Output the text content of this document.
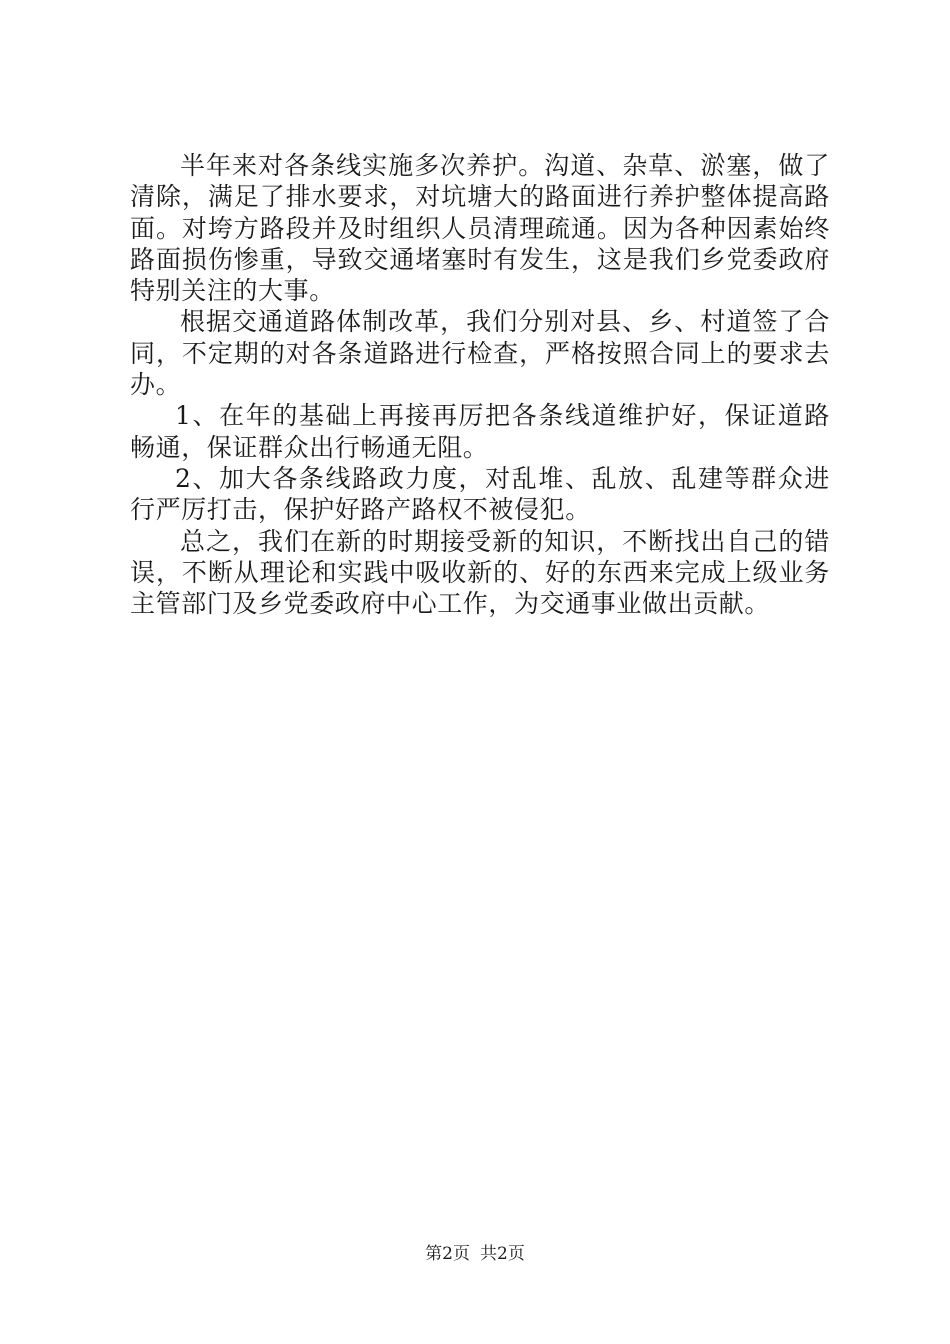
半年来对各条线实施多次养护。沟道、杂草、淤塞，做了清除，满足了排水要求，对坑塘大的路面进行养护整体提高路面。对垮方路段并及时组织人员清理疏通。因为各种因素始终路面损伤惨重，导致交通堵塞时有发生，这是我们乡党委政府特别关注的大事。

根据交通道路体制改革，我们分别对县、乡、村道签了合同，不定期的对各条道路进行检查，严格按照合同上的要求去办。

1、在年的基础上再接再厉把各条线道维护好，保证道路畅通，保证群众出行畅通无阻。

2、加大各条线路政力度，对乱堆、乱放、乱建等群众进行严厉打击，保护好路产路权不被侵犯。

总之，我们在新的时期接受新的知识，不断找出自己的错误，不断从理论和实践中吸收新的、好的东西来完成上级业务主管部门及乡党委政府中心工作，为交通事业做出贡献。

第2页 共2页
